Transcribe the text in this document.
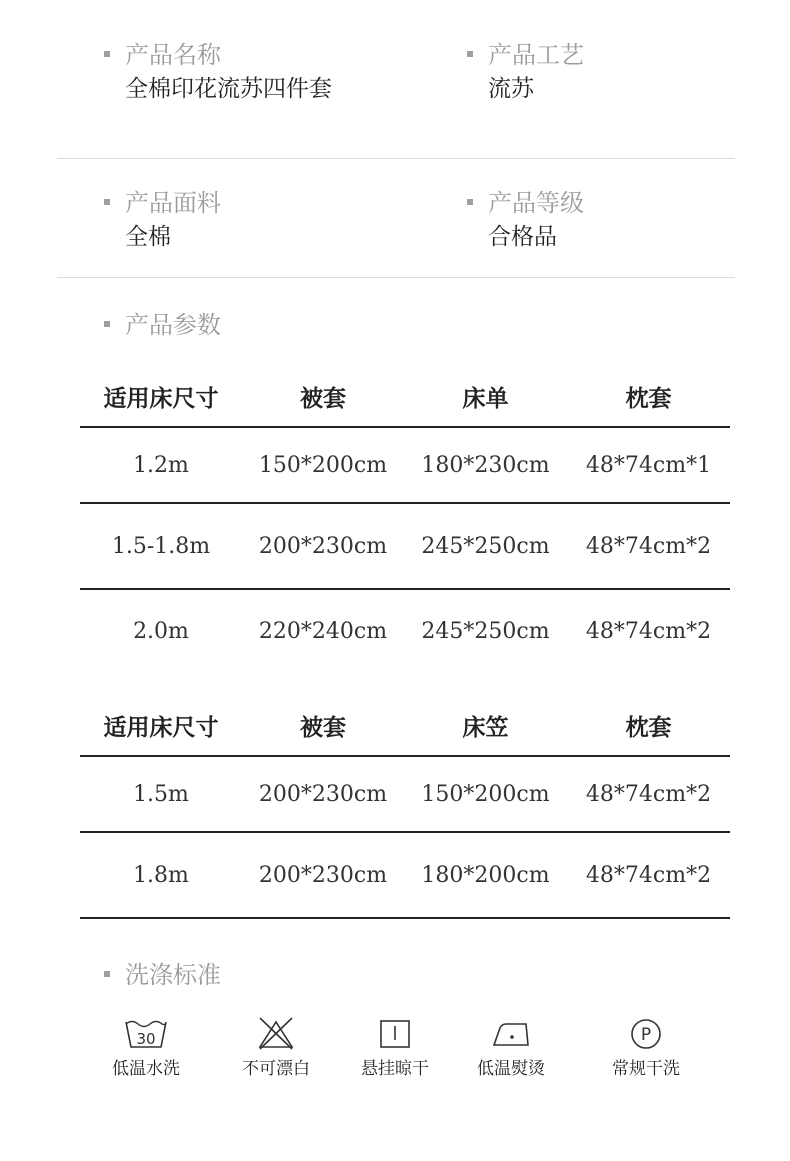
产品名称
全棉印花流苏四件套
产品工艺
流苏
产品面料
全棉
产品等级
合格品
产品参数
适用床尺寸	被套	床单	枕套
1.2m	150*200cm	180*230cm	48*74cm*1
1.5-1.8m	200*230cm	245*250cm	48*74cm*2
2.0m	220*240cm	245*250cm	48*74cm*2
适用床尺寸	被套	床笠	枕套
1.5m	200*230cm	150*200cm	48*74cm*2
1.8m	200*230cm	180*200cm	48*74cm*2
洗涤标准
30
低温水洗	不可漂白	悬挂晾干	低温熨烫
P
常规干洗
